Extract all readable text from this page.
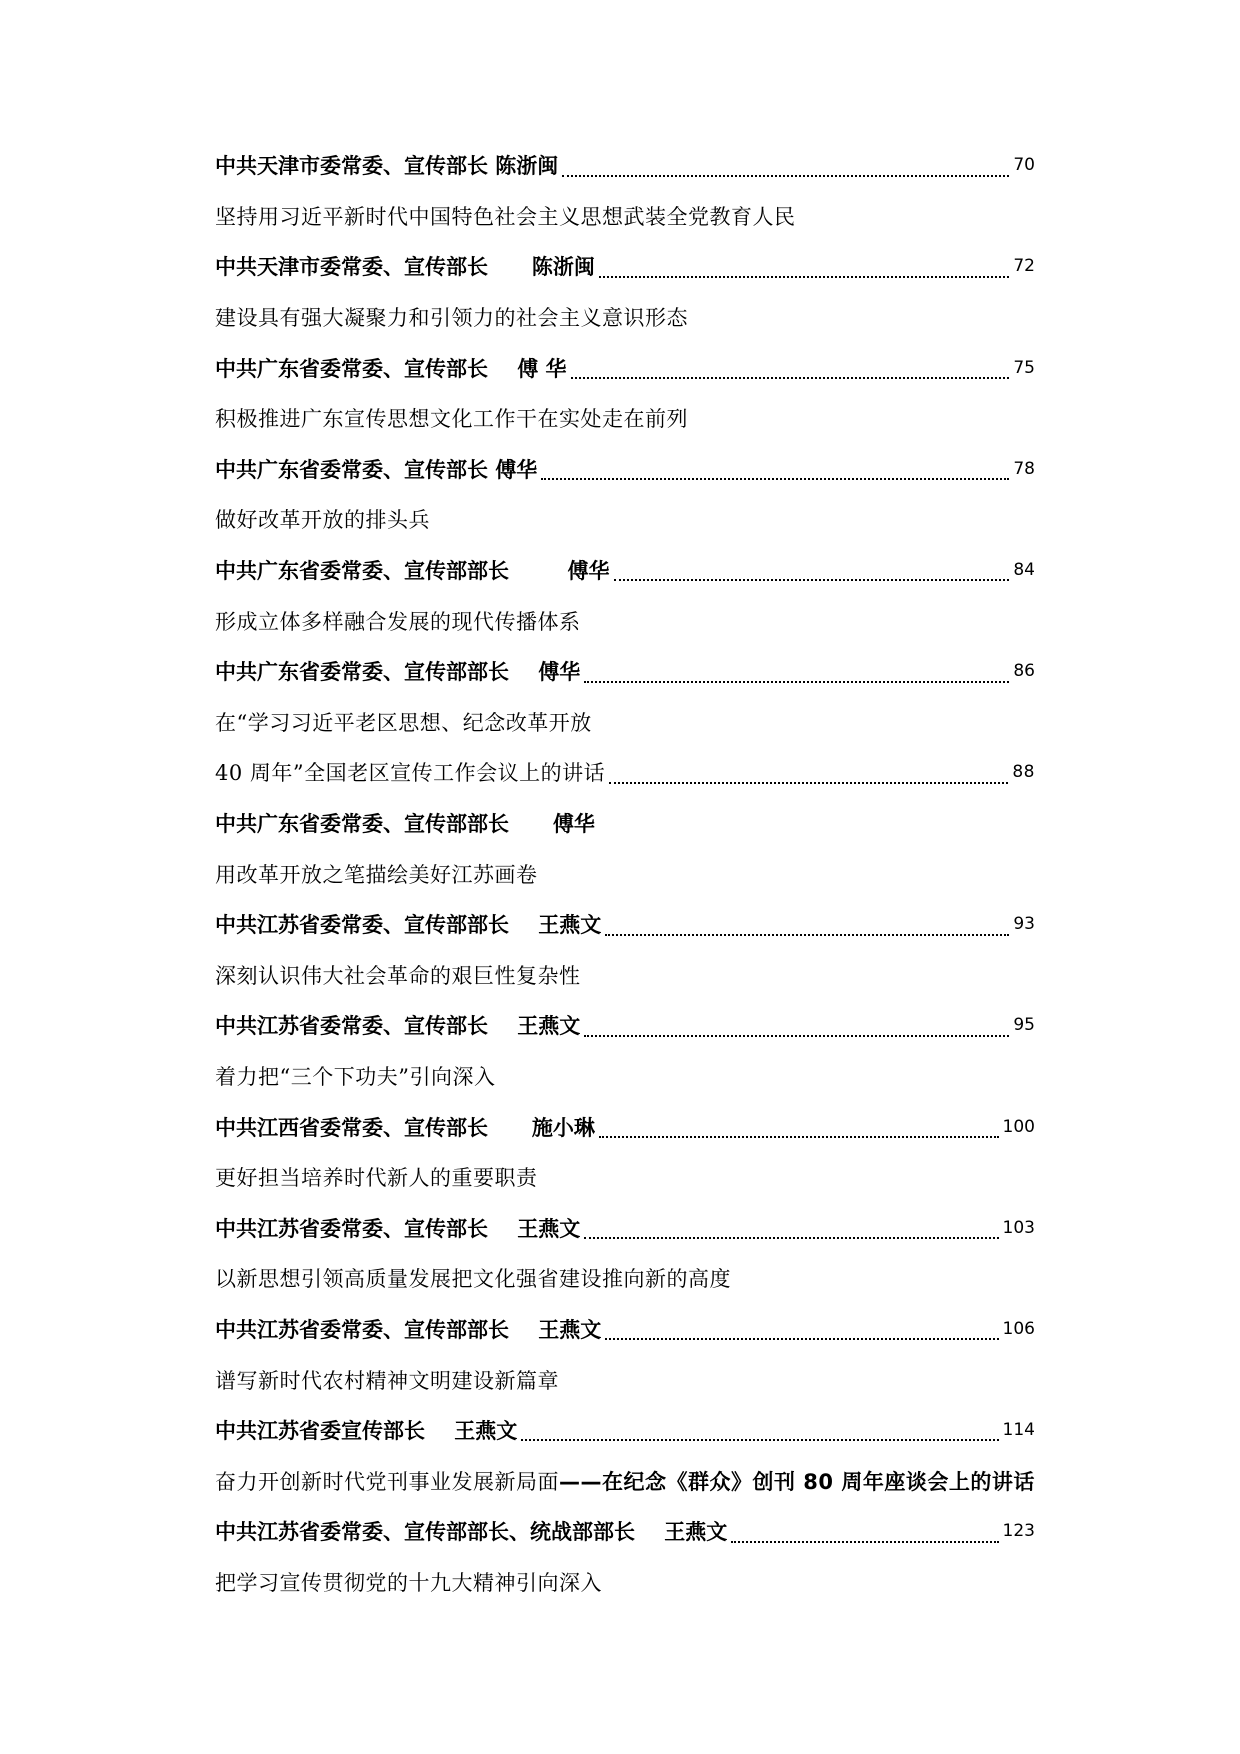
中共天津市委常委、宣传部长 陈浙闽	70
坚持用习近平新时代中国特色社会主义思想武装全党教育人民
中共天津市委常委、宣传部长      陈浙闽	72
建设具有强大凝聚力和引领力的社会主义意识形态
中共广东省委常委、宣传部长    傅 华	75
积极推进广东宣传思想文化工作干在实处走在前列
中共广东省委常委、宣传部长 傅华	78
做好改革开放的排头兵
中共广东省委常委、宣传部部长        傅华	84
形成立体多样融合发展的现代传播体系
中共广东省委常委、宣传部部长    傅华	86
在“学习习近平老区思想、纪念改革开放
40 周年”全国老区宣传工作会议上的讲话	88
中共广东省委常委、宣传部部长      傅华
用改革开放之笔描绘美好江苏画卷
中共江苏省委常委、宣传部部长    王燕文	93
深刻认识伟大社会革命的艰巨性复杂性
中共江苏省委常委、宣传部长    王燕文	95
着力把“三个下功夫”引向深入
中共江西省委常委、宣传部长      施小琳	100
更好担当培养时代新人的重要职责
中共江苏省委常委、宣传部长    王燕文	103
以新思想引领高质量发展把文化强省建设推向新的高度
中共江苏省委常委、宣传部部长    王燕文	106
谱写新时代农村精神文明建设新篇章
中共江苏省委宣传部长    王燕文	114
奋力开创新时代党刊事业发展新局面 ——在纪念《群众》创刊 80 周年座谈会上的讲话
中共江苏省委常委、宣传部部长、统战部部长    王燕文	123
把学习宣传贯彻党的十九大精神引向深入
